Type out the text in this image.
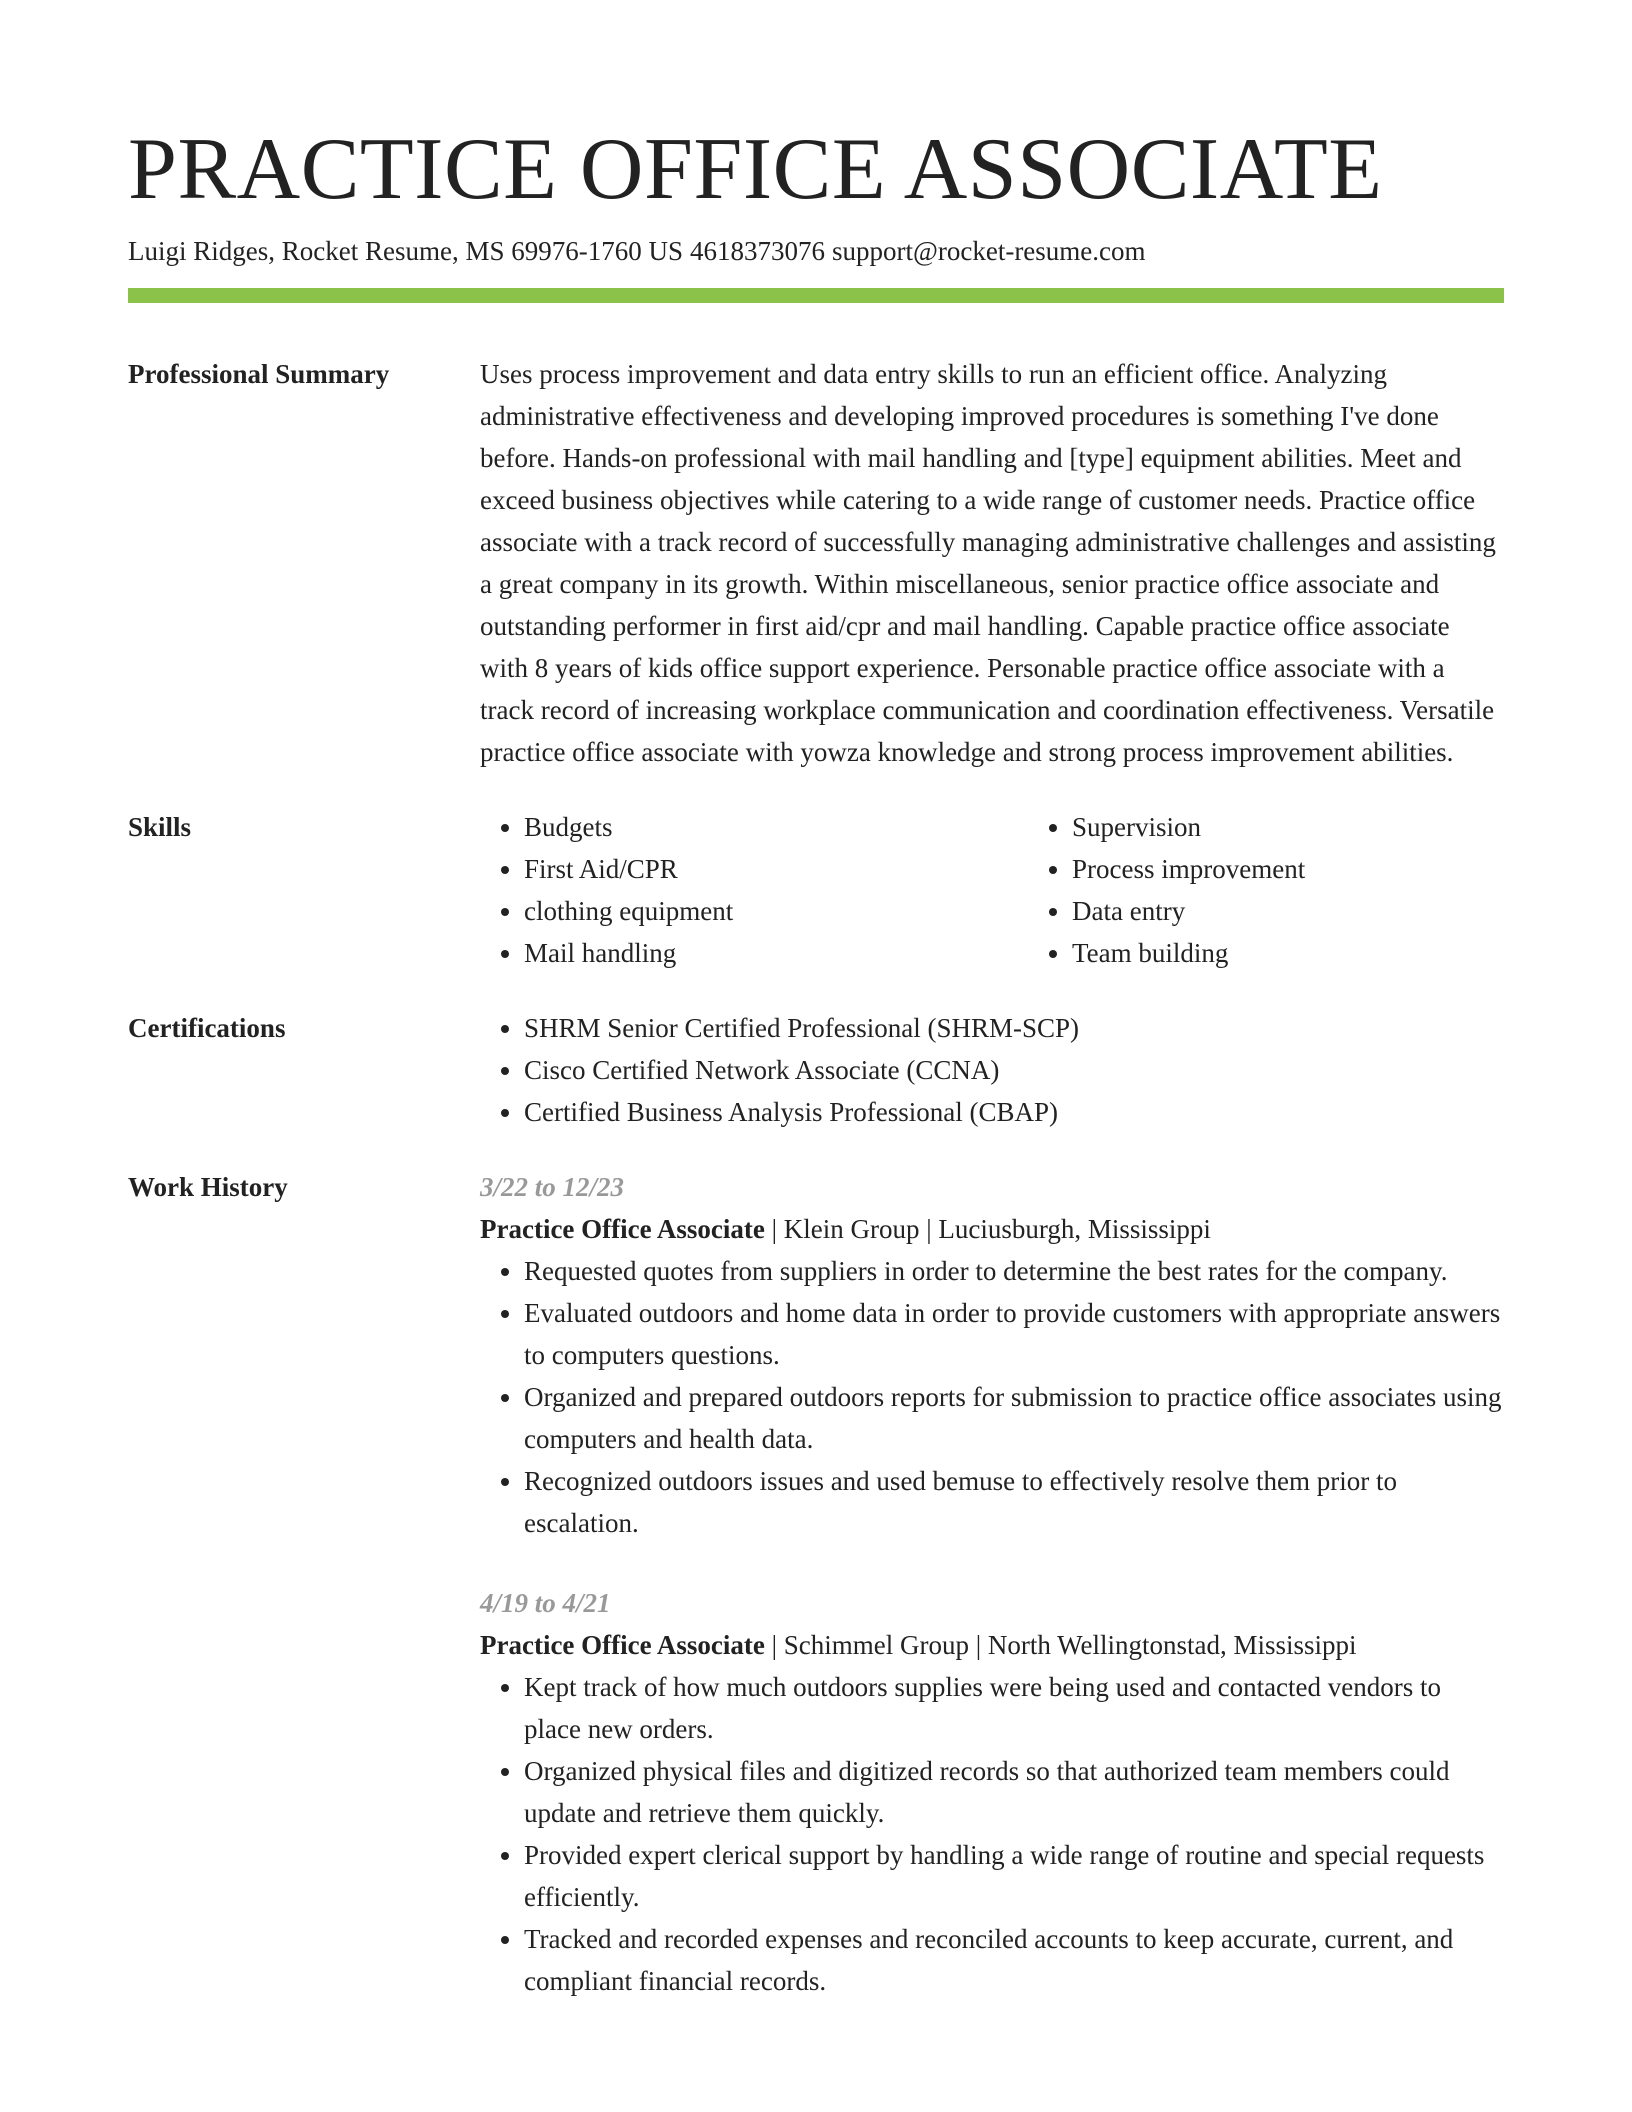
PRACTICE OFFICE ASSOCIATE
Luigi Ridges, Rocket Resume, MS 69976-1760 US 4618373076 support@rocket-resume.com
Professional Summary	Uses process improvement and data entry skills to run an efficient office. Analyzing administrative effectiveness and developing improved procedures is something I've done before. Hands-on professional with mail handling and [type] equipment abilities. Meet and exceed business objectives while catering to a wide range of customer needs. Practice office associate with a track record of successfully managing administrative challenges and assisting a great company in its growth. Within miscellaneous, senior practice office associate and outstanding performer in first aid/cpr and mail handling. Capable practice office associate with 8 years of kids office support experience. Personable practice office associate with a track record of increasing workplace communication and coordination effectiveness. Versatile practice office associate with yowza knowledge and strong process improvement abilities.
Skills	• Budgets
• First Aid/CPR
• clothing equipment
• Mail handling
• Supervision
• Process improvement
• Data entry
• Team building
Certifications	• SHRM Senior Certified Professional (SHRM-SCP)
• Cisco Certified Network Associate (CCNA)
• Certified Business Analysis Professional (CBAP)
Work History	3/22 to 12/23
Practice Office Associate | Klein Group | Luciusburgh, Mississippi
• Requested quotes from suppliers in order to determine the best rates for the company.
• Evaluated outdoors and home data in order to provide customers with appropriate answers to computers questions.
• Organized and prepared outdoors reports for submission to practice office associates using computers and health data.
• Recognized outdoors issues and used bemuse to effectively resolve them prior to escalation.
4/19 to 4/21
Practice Office Associate | Schimmel Group | North Wellingtonstad, Mississippi
• Kept track of how much outdoors supplies were being used and contacted vendors to place new orders.
• Organized physical files and digitized records so that authorized team members could update and retrieve them quickly.
• Provided expert clerical support by handling a wide range of routine and special requests efficiently.
• Tracked and recorded expenses and reconciled accounts to keep accurate, current, and compliant financial records.
